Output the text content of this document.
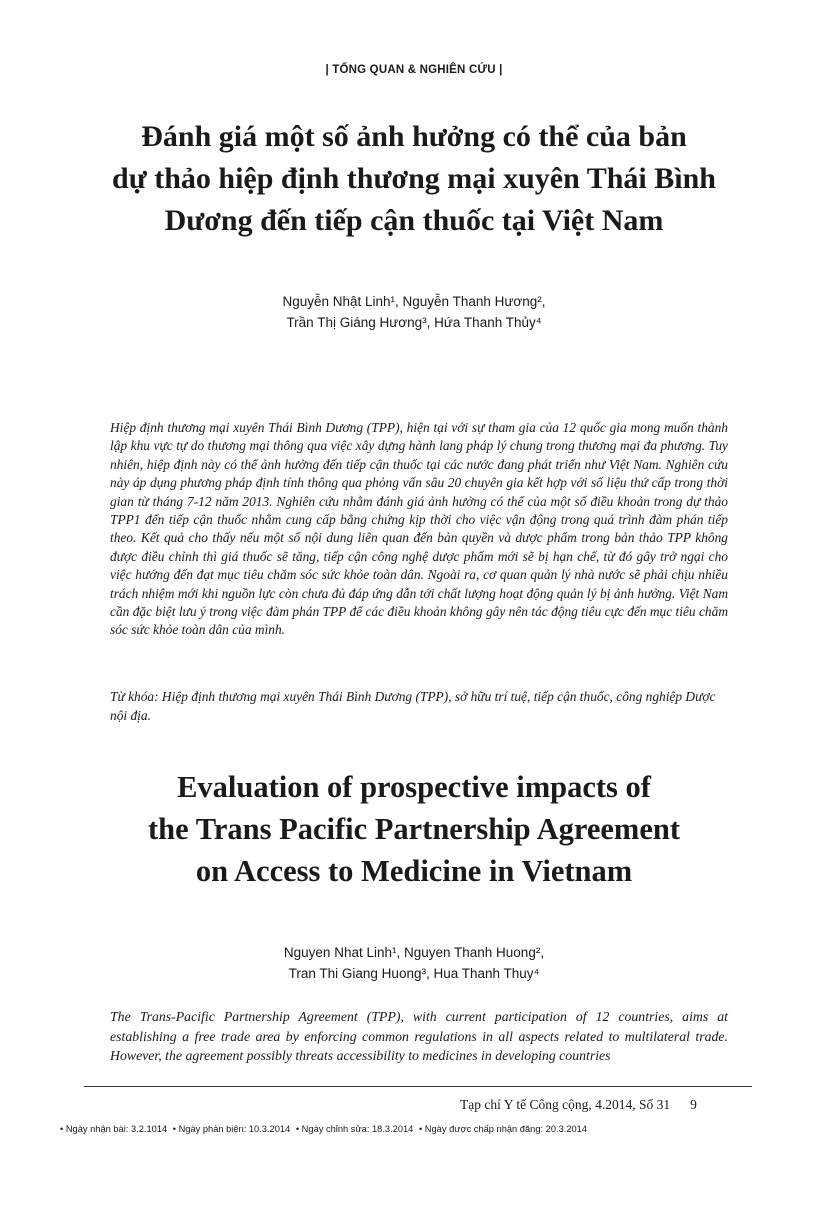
| TỔNG QUAN & NGHIÊN CỨU |
Đánh giá một số ảnh hưởng có thể của bản
dự thảo hiệp định thương mại xuyên Thái Bình
Dương đến tiếp cận thuốc tại Việt Nam
Nguyễn Nhật Linh¹, Nguyễn Thanh Hương²,
Trần Thị Giáng Hương³, Hứa Thanh Thủy⁴
Hiệp định thương mại xuyên Thái Bình Dương (TPP), hiện tại với sự tham gia của 12 quốc gia mong muốn thành lập khu vực tự do thương mại thông qua việc xây dựng hành lang pháp lý chung trong thương mại đa phương. Tuy nhiên, hiệp định này có thể ảnh hưởng đến tiếp cận thuốc tại các nước đang phát triển như Việt Nam. Nghiên cứu này áp dụng phương pháp định tính thông qua phỏng vấn sâu 20 chuyên gia kết hợp với số liệu thứ cấp trong thời gian từ tháng 7-12 năm 2013. Nghiên cứu nhằm đánh giá ảnh hưởng có thể của một số điều khoản trong dự thảo TPP1 đến tiếp cận thuốc nhằm cung cấp bằng chứng kịp thời cho việc vận động trong quá trình đàm phán tiếp theo. Kết quả cho thấy nếu một số nội dung liên quan đến bản quyền và dược phẩm trong bản thảo TPP không được điều chỉnh thì giá thuốc sẽ tăng, tiếp cận công nghệ dược phẩm mới sẽ bị hạn chế, từ đó gây trở ngại cho việc hướng đến đạt mục tiêu chăm sóc sức khỏe toàn dân. Ngoài ra, cơ quan quản lý nhà nước sẽ phải chịu nhiều trách nhiệm mới khi nguồn lực còn chưa đủ đáp ứng dẫn tới chất lượng hoạt động quản lý bị ảnh hưởng. Việt Nam cần đặc biệt lưu ý trong việc đàm phán TPP để các điều khoản không gây nên tác động tiêu cực đến mục tiêu chăm sóc sức khỏe toàn dân của mình.
Từ khóa: Hiệp định thương mại xuyên Thái Bình Dương (TPP), sở hữu trí tuệ, tiếp cận thuốc, công nghiệp Dược nội địa.
Evaluation of prospective impacts of
the Trans Pacific Partnership Agreement
on Access to Medicine in Vietnam
Nguyen Nhat Linh¹, Nguyen Thanh Huong²,
Tran Thi Giang Huong³, Hua Thanh Thuy⁴
The Trans-Pacific Partnership Agreement (TPP), with current participation of 12 countries, aims at establishing a free trade area by enforcing common regulations in all aspects related to multilateral trade. However, the agreement possibly threats accessibility to medicines in developing countries
Tạp chí Y tế Công cộng, 4.2014, Số 31 9
• Ngày nhận bài: 3.2.1014 • Ngày phản biện: 10.3.2014 • Ngày chỉnh sửa: 18.3.2014 • Ngày được chấp nhận đăng: 20.3.2014
